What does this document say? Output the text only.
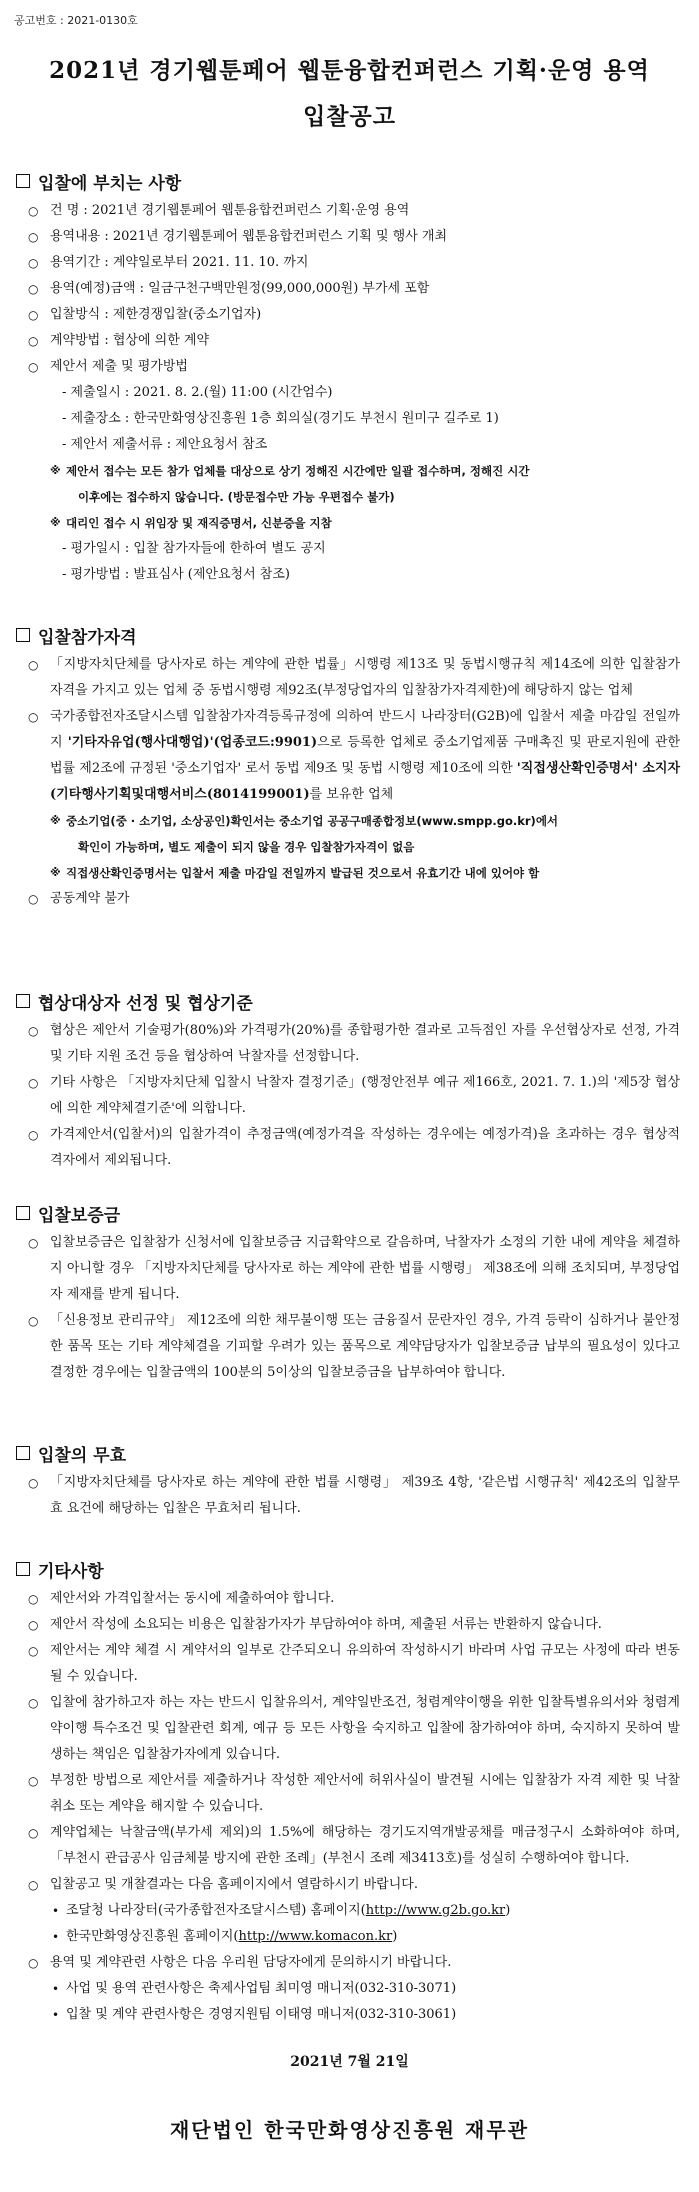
공고번호 : 2021-0130호
2021년 경기웹툰페어 웹툰융합컨퍼런스 기획·운영 용역
입찰공고
입찰에 부치는 사항
○ 건 명 : 2021년 경기웹툰페어 웹툰융합컨퍼런스 기획·운영 용역
○ 용역내용 : 2021년 경기웹툰페어 웹툰융합컨퍼런스 기획 및 행사 개최
○ 용역기간 : 계약일로부터 2021. 11. 10. 까지
○ 용역(예정)금액 : 일금구천구백만원정(99,000,000원) 부가세 포함
○ 입찰방식 : 제한경쟁입찰(중소기업자)
○ 계약방법 : 협상에 의한 계약
○ 제안서 제출 및 평가방법
- 제출일시 : 2021. 8. 2.(월) 11:00 (시간엄수)
- 제출장소 : 한국만화영상진흥원 1층 회의실(경기도 부천시 원미구 길주로 1)
- 제안서 제출서류 : 제안요청서 참조
※ 제안서 접수는 모든 참가 업체를 대상으로 상기 정해진 시간에만 일괄 접수하며, 정해진 시간
이후에는 접수하지 않습니다. (방문접수만 가능 우편접수 불가)
※ 대리인 접수 시 위임장 및 재직증명서, 신분증을 지참
- 평가일시 : 입찰 참가자들에 한하여 별도 공지
- 평가방법 : 발표심사 (제안요청서 참조)
입찰참가자격
○ 「지방자치단체를 당사자로 하는 계약에 관한 법률」시행령 제13조 및 동법시행규칙 제14조에 의한 입찰참가자격을 가지고 있는 업체 중 동법시행령 제92조(부정당업자의 입찰참가자격제한)에 해당하지 않는 업체
○ 국가종합전자조달시스템 입찰참가자격등록규정에 의하여 반드시 나라장터(G2B)에 입찰서 제출 마감일 전일까지 '기타자유업(행사대행업)'(업종코드:9901)으로 등록한 업체로 중소기업제품 구매촉진 및 판로지원에 관한 법률 제2조에 규정된 '중소기업자' 로서 동법 제9조 및 동법 시행령 제10조에 의한 '직접생산확인증명서' 소지자(기타행사기획및대행서비스(8014199001)를 보유한 업체
※ 중소기업(중 · 소기업, 소상공인)확인서는 중소기업 공공구매종합정보(www.smpp.go.kr)에서
확인이 가능하며, 별도 제출이 되지 않을 경우 입찰참가자격이 없음
※ 직접생산확인증명서는 입찰서 제출 마감일 전일까지 발급된 것으로서 유효기간 내에 있어야 함
○ 공동계약 불가
협상대상자 선정 및 협상기준
○ 협상은 제안서 기술평가(80%)와 가격평가(20%)를 종합평가한 결과로 고득점인 자를 우선협상자로 선정, 가격 및 기타 지원 조건 등을 협상하여 낙찰자를 선정합니다.
○ 기타 사항은 「지방자치단체 입찰시 낙찰자 결정기준」(행정안전부 예규 제166호, 2021. 7. 1.)의 '제5장 협상에 의한 계약체결기준'에 의합니다.
○ 가격제안서(입찰서)의 입찰가격이 추정금액(예정가격을 작성하는 경우에는 예정가격)을 초과하는 경우 협상적격자에서 제외됩니다.
입찰보증금
○ 입찰보증금은 입찰참가 신청서에 입찰보증금 지급확약으로 갈음하며, 낙찰자가 소정의 기한 내에 계약을 체결하지 아니할 경우 「지방자치단체를 당사자로 하는 계약에 관한 법률 시행령」 제38조에 의해 조치되며, 부정당업자 제재를 받게 됩니다.
○ 「신용정보 관리규약」 제12조에 의한 채무불이행 또는 금융질서 문란자인 경우, 가격 등락이 심하거나 불안정한 품목 또는 기타 계약체결을 기피할 우려가 있는 품목으로 계약담당자가 입찰보증금 납부의 필요성이 있다고 결정한 경우에는 입찰금액의 100분의 5이상의 입찰보증금을 납부하여야 합니다.
입찰의 무효
○ 「지방자치단체를 당사자로 하는 계약에 관한 법률 시행령」 제39조 4항, '같은법 시행규칙' 제42조의 입찰무효 요건에 해당하는 입찰은 무효처리 됩니다.
기타사항
○ 제안서와 가격입찰서는 동시에 제출하여야 합니다.
○ 제안서 작성에 소요되는 비용은 입찰참가자가 부담하여야 하며, 제출된 서류는 반환하지 않습니다.
○ 제안서는 계약 체결 시 계약서의 일부로 간주되오니 유의하여 작성하시기 바라며 사업 규모는 사정에 따라 변동될 수 있습니다.
○ 입찰에 참가하고자 하는 자는 반드시 입찰유의서, 계약일반조건, 청렴계약이행을 위한 입찰특별유의서와 청렴계약이행 특수조건 및 입찰관련 회계, 예규 등 모든 사항을 숙지하고 입찰에 참가하여야 하며, 숙지하지 못하여 발생하는 책임은 입찰참가자에게 있습니다.
○ 부정한 방법으로 제안서를 제출하거나 작성한 제안서에 허위사실이 발견될 시에는 입찰참가 자격 제한 및 낙찰 취소 또는 계약을 해지할 수 있습니다.
○ 계약업체는 낙찰금액(부가세 제외)의 1.5%에 해당하는 경기도지역개발공채를 매금정구시 소화하여야 하며, 「부천시 관급공사 임금체불 방지에 관한 조례」(부천시 조례 제3413호)를 성실히 수행하여야 합니다.
○ 입찰공고 및 개찰결과는 다음 홈페이지에서 열람하시기 바랍니다.
• 조달청 나라장터(국가종합전자조달시스템) 홈페이지(http://www.g2b.go.kr)
• 한국만화영상진흥원 홈페이지(http://www.komacon.kr)
○ 용역 및 계약관련 사항은 다음 우리원 담당자에게 문의하시기 바랍니다.
• 사업 및 용역 관련사항은 축제사업팀 최미영 매니저(032-310-3071)
• 입찰 및 계약 관련사항은 경영지원팀 이태영 매니저(032-310-3061)
2021년 7월 21일
재단법인 한국만화영상진흥원 재무관
